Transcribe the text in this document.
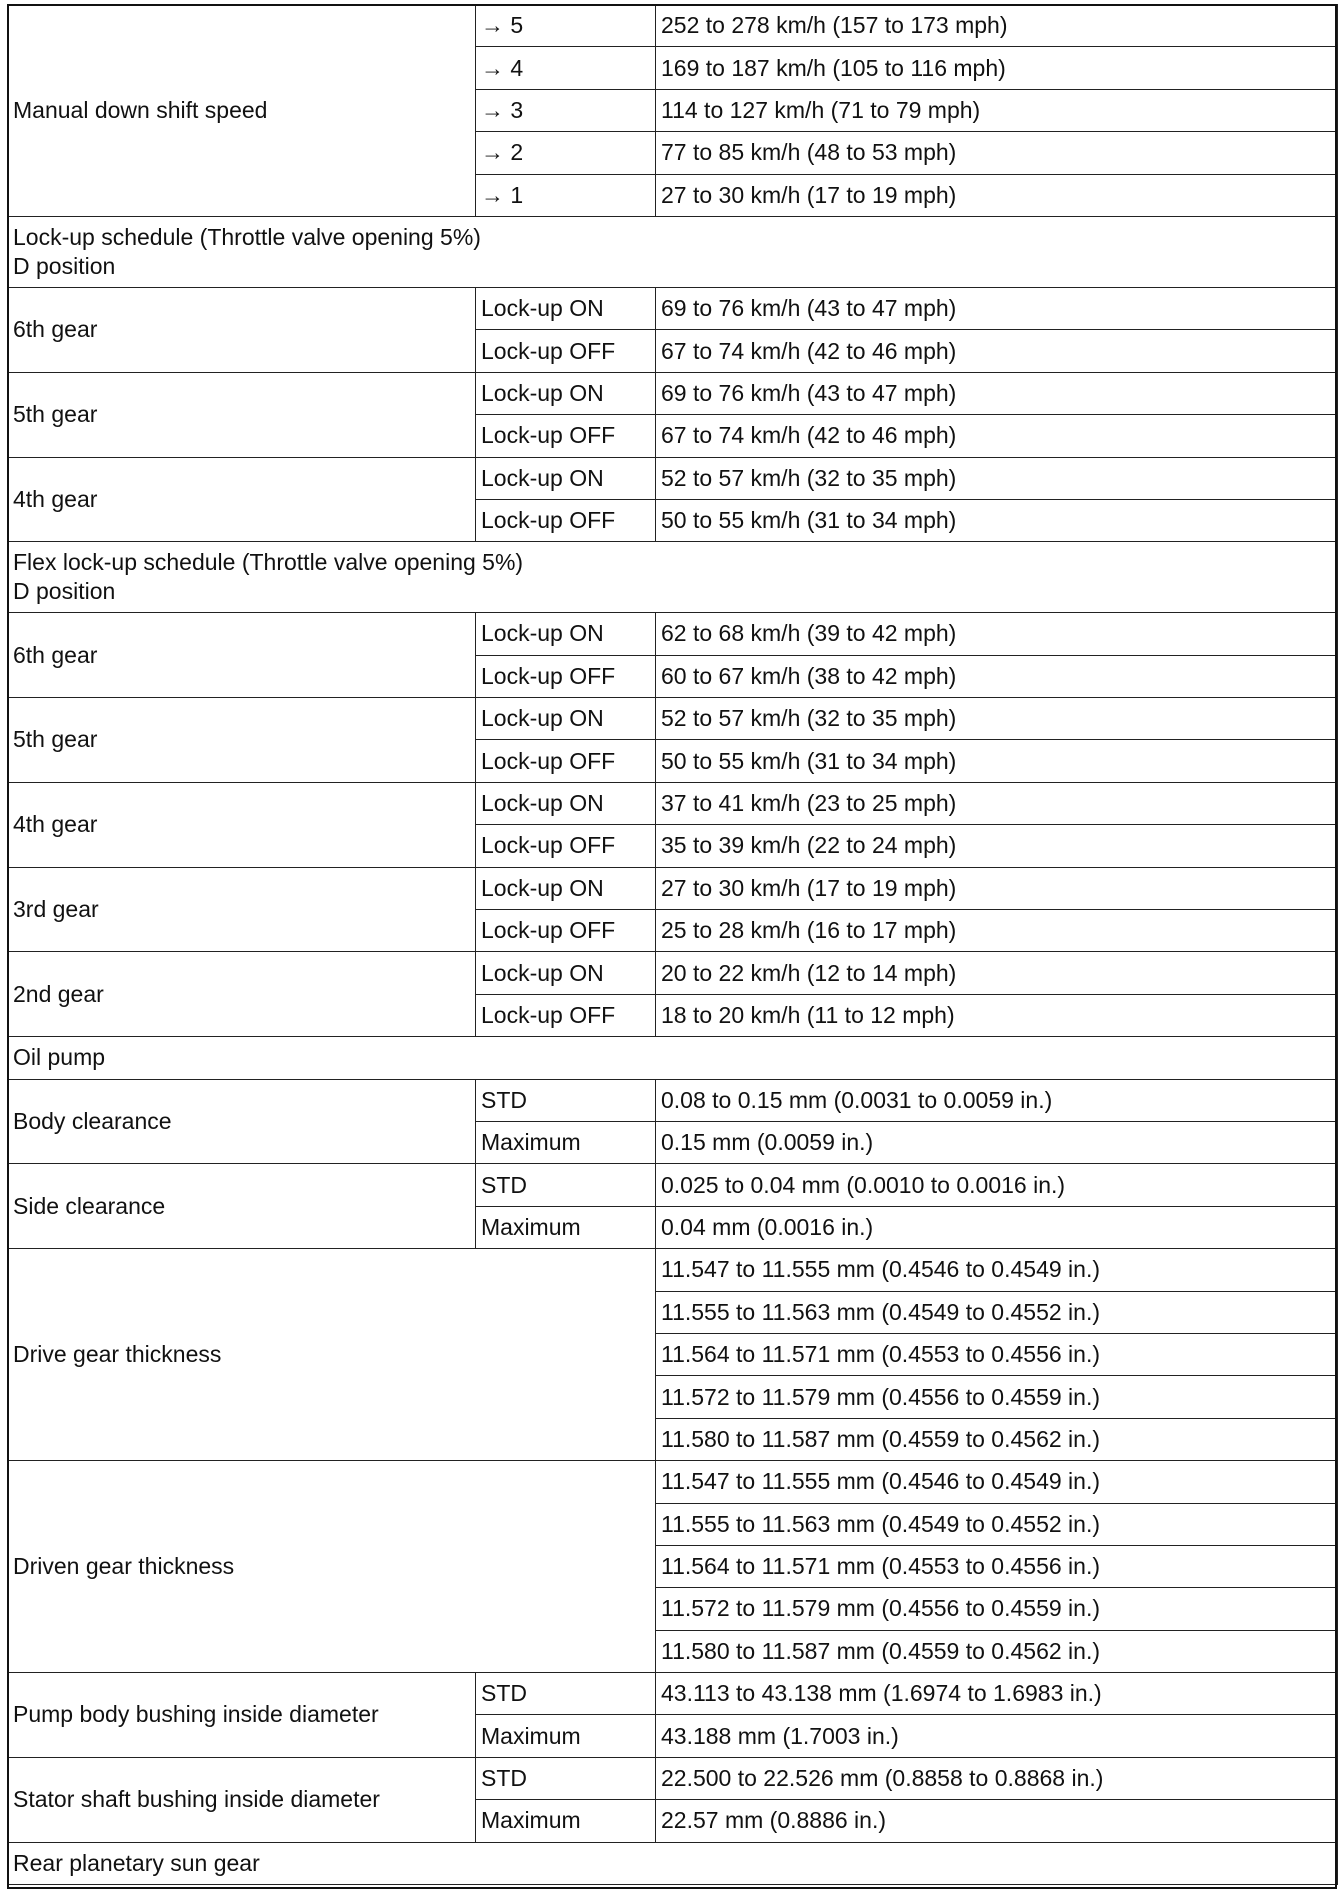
Manual down shift speed	→ 5	252 to 278 km/h (157 to 173 mph)
	→ 4	169 to 187 km/h (105 to 116 mph)
	→ 3	114 to 127 km/h (71 to 79 mph)
	→ 2	77 to 85 km/h (48 to 53 mph)
	→ 1	27 to 30 km/h (17 to 19 mph)

Lock-up schedule (Throttle valve opening 5%)
D position		

6th gear	Lock-up ON	69 to 76 km/h (43 to 47 mph)
	Lock-up OFF	67 to 74 km/h (42 to 46 mph)
5th gear	Lock-up ON	69 to 76 km/h (43 to 47 mph)
	Lock-up OFF	67 to 74 km/h (42 to 46 mph)
4th gear	Lock-up ON	52 to 57 km/h (32 to 35 mph)
	Lock-up OFF	50 to 55 km/h (31 to 34 mph)

Flex lock-up schedule (Throttle valve opening 5%)
D position		

6th gear	Lock-up ON	62 to 68 km/h (39 to 42 mph)
	Lock-up OFF	60 to 67 km/h (38 to 42 mph)
5th gear	Lock-up ON	52 to 57 km/h (32 to 35 mph)
	Lock-up OFF	50 to 55 km/h (31 to 34 mph)
4th gear	Lock-up ON	37 to 41 km/h (23 to 25 mph)
	Lock-up OFF	35 to 39 km/h (22 to 24 mph)
3rd gear	Lock-up ON	27 to 30 km/h (17 to 19 mph)
	Lock-up OFF	25 to 28 km/h (16 to 17 mph)
2nd gear	Lock-up ON	20 to 22 km/h (12 to 14 mph)
	Lock-up OFF	18 to 20 km/h (11 to 12 mph)
Oil pump		
Body clearance	STD	0.08 to 0.15 mm (0.0031 to 0.0059 in.)
	Maximum	0.15 mm (0.0059 in.)
Side clearance	STD	0.025 to 0.04 mm (0.0010 to 0.0016 in.)
	Maximum	0.04 mm (0.0016 in.)
Drive gear thickness		11.547 to 11.555 mm (0.4546 to 0.4549 in.)
		11.555 to 11.563 mm (0.4549 to 0.4552 in.)
		11.564 to 11.571 mm (0.4553 to 0.4556 in.)
		11.572 to 11.579 mm (0.4556 to 0.4559 in.)
		11.580 to 11.587 mm (0.4559 to 0.4562 in.)
Driven gear thickness		11.547 to 11.555 mm (0.4546 to 0.4549 in.)
		11.555 to 11.563 mm (0.4549 to 0.4552 in.)
		11.564 to 11.571 mm (0.4553 to 0.4556 in.)
		11.572 to 11.579 mm (0.4556 to 0.4559 in.)
		11.580 to 11.587 mm (0.4559 to 0.4562 in.)
Pump body bushing inside diameter	STD	43.113 to 43.138 mm (1.6974 to 1.6983 in.)
	Maximum	43.188 mm (1.7003 in.)
Stator shaft bushing inside diameter	STD	22.500 to 22.526 mm (0.8858 to 0.8868 in.)
	Maximum	22.57 mm (0.8886 in.)
Rear planetary sun gear		
